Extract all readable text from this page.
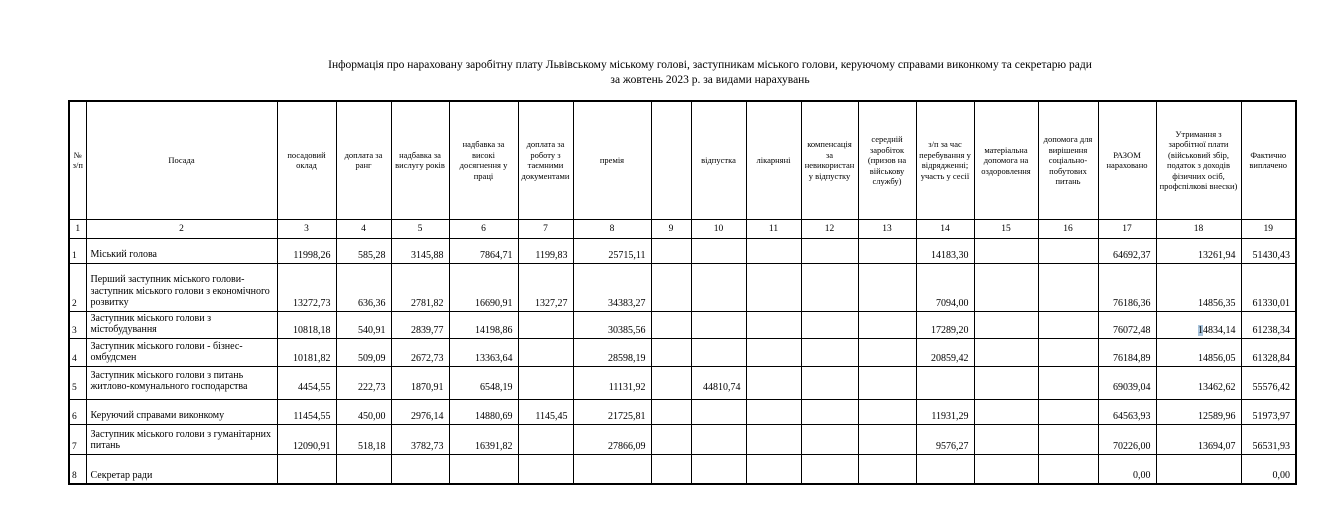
Інформація про нараховану заробітну плату Львівському міському голові, заступникам міського голови, керуючому справами виконкому та секретарю ради
за жовтень 2023 р. за видами нарахувань
№ з/п	Посада	посадовий оклад	доплата за ранг	надбавка за вислугу років	надбавка за високі досягнення у праці	доплата за роботу з таємними документами	премія		відпустка	лікарняні	компенсація за невикористану відпустку	середній заробіток (призов на військову службу)	з/п за час перебування у відрядженні; участь у сесії	матеріальна допомога на оздоровлення	допомога для вирішення соціально-побутових питань	РАЗОМ нараховано	Утримання з заробітної плати (військовий збір, податок з доходів фізичних осіб, профспілкові внески)	Фактично виплачено
1	2	3	4	5	6	7	8	9	10	11	12	13	14	15	16	17	18	19
1	Міський голова	11998,26	585,28	3145,88	7864,71	1199,83	25715,11						14183,30			64692,37	13261,94	51430,43
2	Перший заступник міського голови-заступник міського голови з економічного розвитку	13272,73	636,36	2781,82	16690,91	1327,27	34383,27						7094,00			76186,36	14856,35	61330,01
3	Заступник міського голови з містобудування	10818,18	540,91	2839,77	14198,86		30385,56						17289,20			76072,48	14834,14	61238,34
4	Заступник міського голови - бізнес-омбудсмен	10181,82	509,09	2672,73	13363,64		28598,19						20859,42			76184,89	14856,05	61328,84
5	Заступник міського голови з питань житлово-комунального господарства	4454,55	222,73	1870,91	6548,19		11131,92		44810,74							69039,04	13462,62	55576,42
6	Керуючий справами виконкому	11454,55	450,00	2976,14	14880,69	1145,45	21725,81						11931,29			64563,93	12589,96	51973,97
7	Заступник міського голови з гуманітарних питань	12090,91	518,18	3782,73	16391,82		27866,09						9576,27			70226,00	13694,07	56531,93
8	Секретар ради															0,00		0,00
